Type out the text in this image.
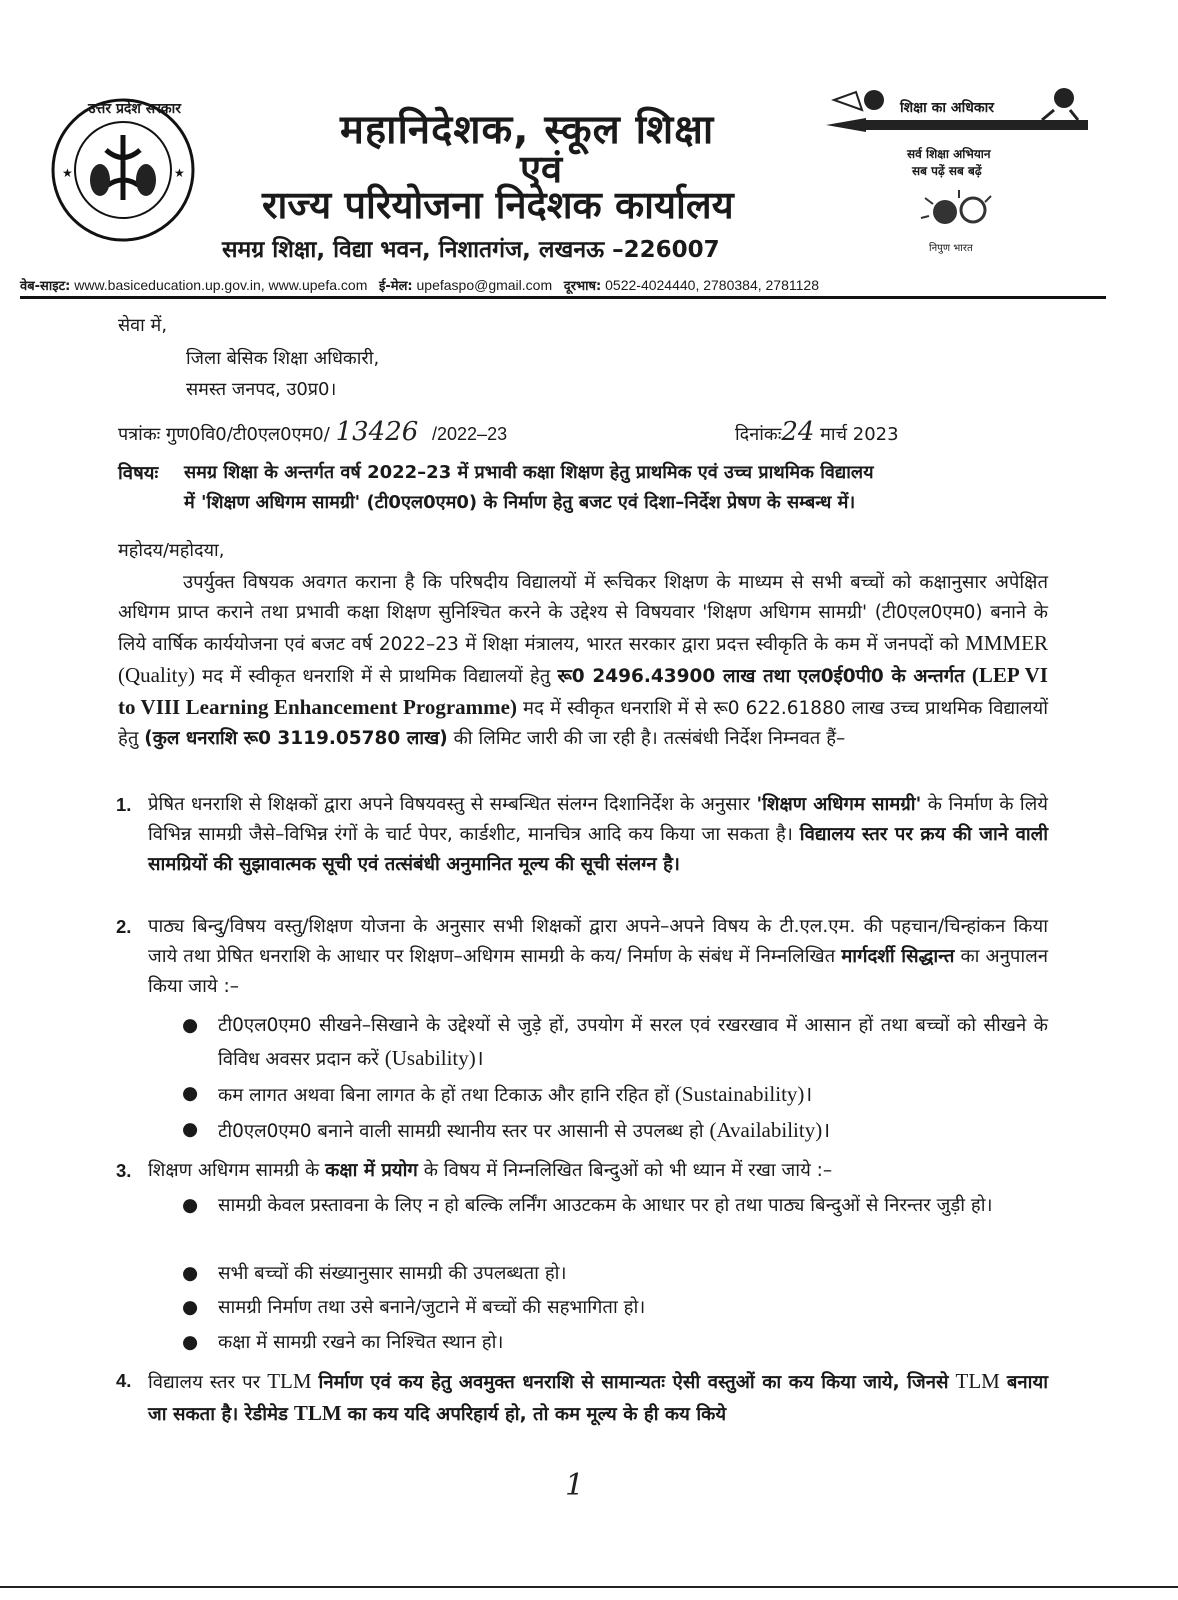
★	★
उत्तर प्रदेश सरकार	महानिदेशक, स्कूल शिक्षा
एवं
राज्य परियोजना निदेशक कार्यालय
समग्र शिक्षा, विद्या भवन, निशातगंज, लखनऊ –226007
शिक्षा का अधिकार
सर्व शिक्षा अभियान
सब पढ़ें सब बढ़ें
निपुण भारत
वेब-साइट: www.basiceducation.up.gov.in, www.upefa.com ई-मेल: upefaspo@gmail.com दूरभाष: 0522-4024440, 2780384, 2781128
सेवा में,
जिला बेसिक शिक्षा अधिकारी,
समस्त जनपद, उ0प्र0।
पत्रांकः गुण0वि0/टी0एल0एम0/ 13426 /2022–23	दिनांकः24 मार्च 2023
विषयः समग्र शिक्षा के अन्तर्गत वर्ष 2022–23 में प्रभावी कक्षा शिक्षण हेतु प्राथमिक एवं उच्च प्राथमिक विद्यालय
में 'शिक्षण अधिगम सामग्री' (टी0एल0एम0) के निर्माण हेतु बजट एवं दिशा–निर्देश प्रेषण के सम्बन्ध में।
महोदय/महोदया,
उपर्युक्त विषयक अवगत कराना है कि परिषदीय विद्यालयों में रूचिकर शिक्षण के माध्यम से सभी बच्चों को कक्षानुसार अपेक्षित अधिगम प्राप्त कराने तथा प्रभावी कक्षा शिक्षण सुनिश्चित करने के उद्देश्य से विषयवार 'शिक्षण अधिगम सामग्री' (टी0एल0एम0) बनाने के लिये वार्षिक कार्ययोजना एवं बजट वर्ष 2022–23 में शिक्षा मंत्रालय, भारत सरकार द्वारा प्रदत्त स्वीकृति के कम में जनपदों को MMMER (Quality) मद में स्वीकृत धनराशि में से प्राथमिक विद्यालयों हेतु रू0 2496.43900 लाख तथा एल0ई0पी0 के अन्तर्गत (LEP VI to VIII Learning Enhancement Programme) मद में स्वीकृत धनराशि में से रू0 622.61880 लाख उच्च प्राथमिक विद्यालयों हेतु (कुल धनराशि रू0 3119.05780 लाख) की लिमिट जारी की जा रही है। तत्संबंधी निर्देश निम्नवत हैं–
1. प्रेषित धनराशि से शिक्षकों द्वारा अपने विषयवस्तु से सम्बन्धित संलग्न दिशानिर्देश के अनुसार 'शिक्षण अधिगम सामग्री' के निर्माण के लिये विभिन्न सामग्री जैसे–विभिन्न रंगों के चार्ट पेपर, कार्डशीट, मानचित्र आदि कय किया जा सकता है। विद्यालय स्तर पर क्रय की जाने वाली सामग्रियों की सुझावात्मक सूची एवं तत्संबंधी अनुमानित मूल्य की सूची संलग्न है।
2. पाठ्य बिन्दु/विषय वस्तु/शिक्षण योजना के अनुसार सभी शिक्षकों द्वारा अपने–अपने विषय के टी.एल.एम. की पहचान/चिन्हांकन किया जाये तथा प्रेषित धनराशि के आधार पर शिक्षण–अधिगम सामग्री के कय/ निर्माण के संबंध में निम्नलिखित मार्गदर्शी सिद्धान्त का अनुपालन किया जाये :–
● टी0एल0एम0 सीखने–सिखाने के उद्देश्यों से जुड़े हों, उपयोग में सरल एवं रखरखाव में आसान हों तथा बच्चों को सीखने के विविध अवसर प्रदान करें (Usability)।
● कम लागत अथवा बिना लागत के हों तथा टिकाऊ और हानि रहित हों (Sustainability)।
● टी0एल0एम0 बनाने वाली सामग्री स्थानीय स्तर पर आसानी से उपलब्ध हो (Availability)।
3. शिक्षण अधिगम सामग्री के कक्षा में प्रयोग के विषय में निम्नलिखित बिन्दुओं को भी ध्यान में रखा जाये :–
● सामग्री केवल प्रस्तावना के लिए न हो बल्कि लर्निंग आउटकम के आधार पर हो तथा पाठ्य बिन्दुओं से निरन्तर जुड़ी हो।
● सभी बच्चों की संख्यानुसार सामग्री की उपलब्धता हो।
● सामग्री निर्माण तथा उसे बनाने/जुटाने में बच्चों की सहभागिता हो।
● कक्षा में सामग्री रखने का निश्चित स्थान हो।
4. विद्यालय स्तर पर TLM निर्माण एवं कय हेतु अवमुक्त धनराशि से सामान्यतः ऐसी वस्तुओं का कय किया जाये, जिनसे TLM बनाया जा सकता है। रेडीमेड TLM का कय यदि अपरिहार्य हो, तो कम मूल्य के ही कय किये
1
